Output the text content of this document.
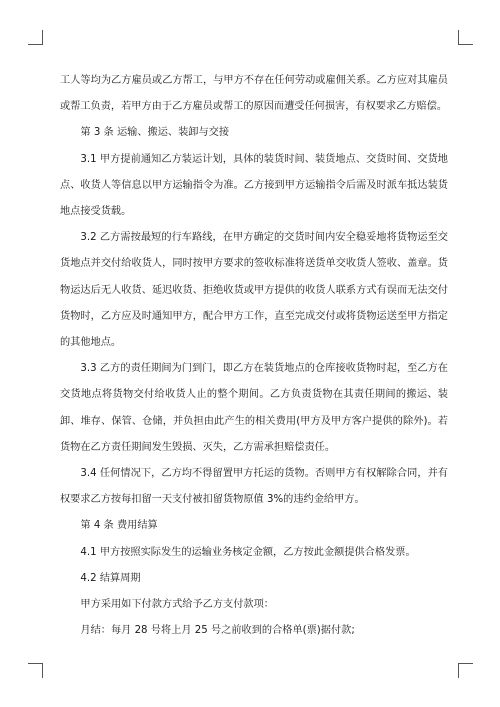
工人等均为乙方雇员或乙方帮工，与甲方不存在任何劳动或雇佣关系。乙方应对其雇员或帮工负责，若甲方由于乙方雇员或帮工的原因而遭受任何损害，有权要求乙方赔偿。

第 3 条 运输、搬运、装卸与交接

3.1 甲方提前通知乙方装运计划，具体的装货时间、装货地点、交货时间、交货地点、收货人等信息以甲方运输指令为准。乙方接到甲方运输指令后需及时派车抵达装货地点接受货载。

3.2 乙方需按最短的行车路线，在甲方确定的交货时间内安全稳妥地将货物运至交货地点并交付给收货人，同时按甲方要求的签收标准将送货单交收货人签收、盖章。货物运达后无人收货、延迟收货、拒绝收货或甲方提供的收货人联系方式有误而无法交付货物时，乙方应及时通知甲方，配合甲方工作，直至完成交付或将货物运送至甲方指定的其他地点。

3.3 乙方的责任期间为门到门，即乙方在装货地点的仓库接收货物时起，至乙方在交货地点将货物交付给收货人止的整个期间。乙方负责货物在其责任期间的搬运、装卸、堆存、保管、仓储，并负担由此产生的相关费用(甲方及甲方客户提供的除外)。若货物在乙方责任期间发生毁损、灭失，乙方需承担赔偿责任。

3.4 任何情况下，乙方均不得留置甲方托运的货物。否则甲方有权解除合同，并有权要求乙方按每扣留一天支付被扣留货物原值 3%的违约金给甲方。

第 4 条 费用结算

4.1 甲方按照实际发生的运输业务核定金额，乙方按此金额提供合格发票。

4.2 结算周期

甲方采用如下付款方式给予乙方支付款项：

月结：每月 28 号将上月 25 号之前收到的合格单(票)据付款;
